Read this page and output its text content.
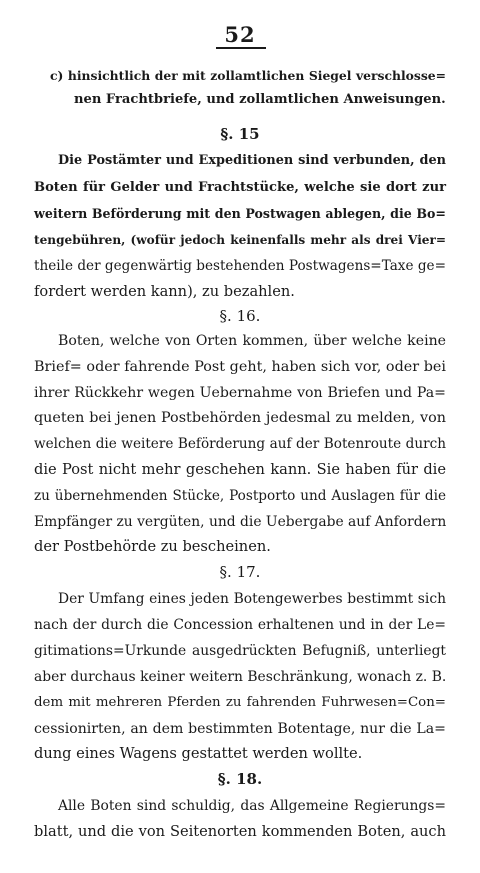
52
c) hinsichtlich der mit zollamtlichen Siegel verschlosse=
nen Frachtbriefe, und zollamtlichen Anweisungen.
§. 15
Die Postämter und Expeditionen sind verbunden, den
Boten für Gelder und Frachtstücke, welche sie dort zur
weitern Beförderung mit den Postwagen ablegen, die Bo=
tengebühren, (wofür jedoch keinenfalls mehr als drei Vier=
theile der gegenwärtig bestehenden Postwagens=Taxe ge=
fordert werden kann), zu bezahlen.
§. 16.
Boten, welche von Orten kommen, über welche keine
Brief= oder fahrende Post geht, haben sich vor, oder bei
ihrer Rückkehr wegen Uebernahme von Briefen und Pa=
queten bei jenen Postbehörden jedesmal zu melden, von
welchen die weitere Beförderung auf der Botenroute durch
die Post nicht mehr geschehen kann. Sie haben für die
zu übernehmenden Stücke, Postporto und Auslagen für die
Empfänger zu vergüten, und die Uebergabe auf Anfordern
der Postbehörde zu bescheinen.
§. 17.
Der Umfang eines jeden Botengewerbes bestimmt sich
nach der durch die Concession erhaltenen und in der Le=
gitimations=Urkunde ausgedrückten Befugniß, unterliegt
aber durchaus keiner weitern Beschränkung, wonach z. B.
dem mit mehreren Pferden zu fahrenden Fuhrwesen=Con=
cessionirten, an dem bestimmten Botentage, nur die La=
dung eines Wagens gestattet werden wollte.
§. 18.
Alle Boten sind schuldig, das Allgemeine Regierungs=
blatt, und die von Seitenorten kommenden Boten, auch
